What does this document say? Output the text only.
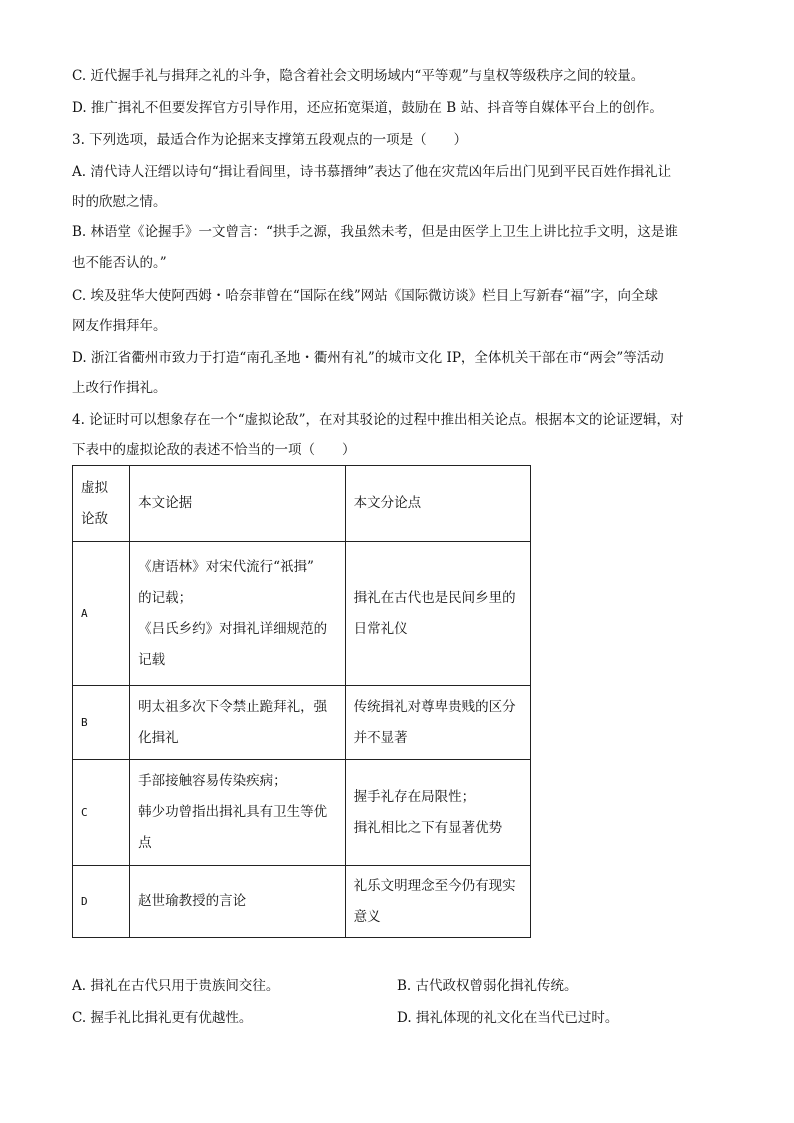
C. 近代握手礼与揖拜之礼的斗争，隐含着社会文明场域内“平等观”与皇权等级秩序之间的较量。
D. 推广揖礼不但要发挥官方引导作用，还应拓宽渠道，鼓励在 B 站、抖音等自媒体平台上的创作。
3. 下列选项，最适合作为论据来支撑第五段观点的一项是（　　）
A. 清代诗人汪缙以诗句“揖让看闾里，诗书慕搢绅”表达了他在灾荒凶年后出门见到平民百姓作揖礼让
时的欣慰之情。
B. 林语堂《论握手》一文曾言：“拱手之源，我虽然未考，但是由医学上卫生上讲比拉手文明，这是谁
也不能否认的。”
C. 埃及驻华大使阿西姆・哈奈菲曾在“国际在线”网站《国际微访谈》栏目上写新春“福”字，向全球
网友作揖拜年。
D. 浙江省衢州市致力于打造“南孔圣地・衢州有礼”的城市文化 IP，全体机关干部在市“两会”等活动
上改行作揖礼。
4. 论证时可以想象存在一个“虚拟论敌”，在对其驳论的过程中推出相关论点。根据本文的论证逻辑，对
下表中的虚拟论敌的表述不恰当的一项（　　）
虚拟
论敌	本文论据	本文分论点
A	《唐语林》对宋代流行“祇揖”
的记载；
《吕氏乡约》对揖礼详细规范的
记载	揖礼在古代也是民间乡里的
日常礼仪

B	明太祖多次下令禁止跪拜礼，强
化揖礼	传统揖礼对尊卑贵贱的区分
并不显著

C	手部接触容易传染疾病；
韩少功曾指出揖礼具有卫生等优
点	握手礼存在局限性；
揖礼相比之下有显著优势

D	赵世瑜教授的言论	礼乐文明理念至今仍有现实
意义
A. 揖礼在古代只用于贵族间交往。	B. 古代政权曾弱化揖礼传统。
C. 握手礼比揖礼更有优越性。	D. 揖礼体现的礼文化在当代已过时。
